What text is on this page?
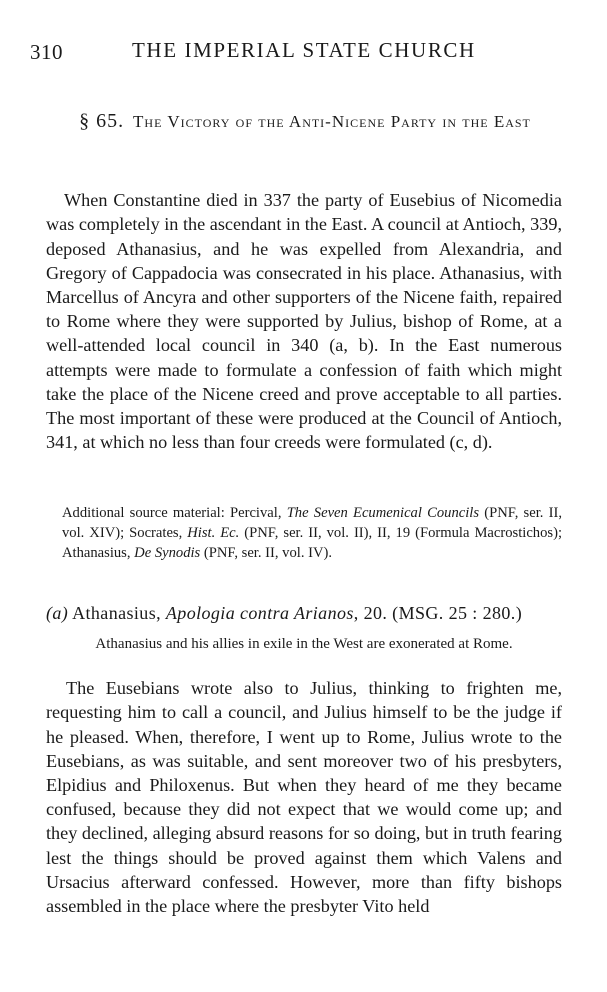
310	THE IMPERIAL STATE CHURCH
§ 65. The Victory of the Anti-Nicene Party in the East

When Constantine died in 337 the party of Eusebius of Nicomedia was completely in the ascendant in the East. A council at Antioch, 339, deposed Athanasius, and he was expelled from Alexandria, and Gregory of Cappadocia was consecrated in his place. Athanasius, with Marcellus of Ancyra and other supporters of the Nicene faith, repaired to Rome where they were supported by Julius, bishop of Rome, at a well-attended local council in 340 (a, b). In the East numerous attempts were made to formulate a confession of faith which might take the place of the Nicene creed and prove acceptable to all parties. The most important of these were produced at the Council of Antioch, 341, at which no less than four creeds were formulated (c, d).

Additional source material: Percival, The Seven Ecumenical Councils (PNF, ser. II, vol. XIV); Socrates, Hist. Ec. (PNF, ser. II, vol. II), II, 19 (Formula Macrostichos); Athanasius, De Synodis (PNF, ser. II, vol. IV).

(a) Athanasius, Apologia contra Arianos, 20. (MSG. 25 : 280.)

Athanasius and his allies in exile in the West are exonerated at Rome.

The Eusebians wrote also to Julius, thinking to frighten me, requesting him to call a council, and Julius himself to be the judge if he pleased. When, therefore, I went up to Rome, Julius wrote to the Eusebians, as was suitable, and sent moreover two of his presbyters, Elpidius and Philoxenus. But when they heard of me they became confused, because they did not expect that we would come up; and they declined, alleging absurd reasons for so doing, but in truth fearing lest the things should be proved against them which Valens and Ursacius afterward confessed. However, more than fifty bishops assembled in the place where the presbyter Vito held
